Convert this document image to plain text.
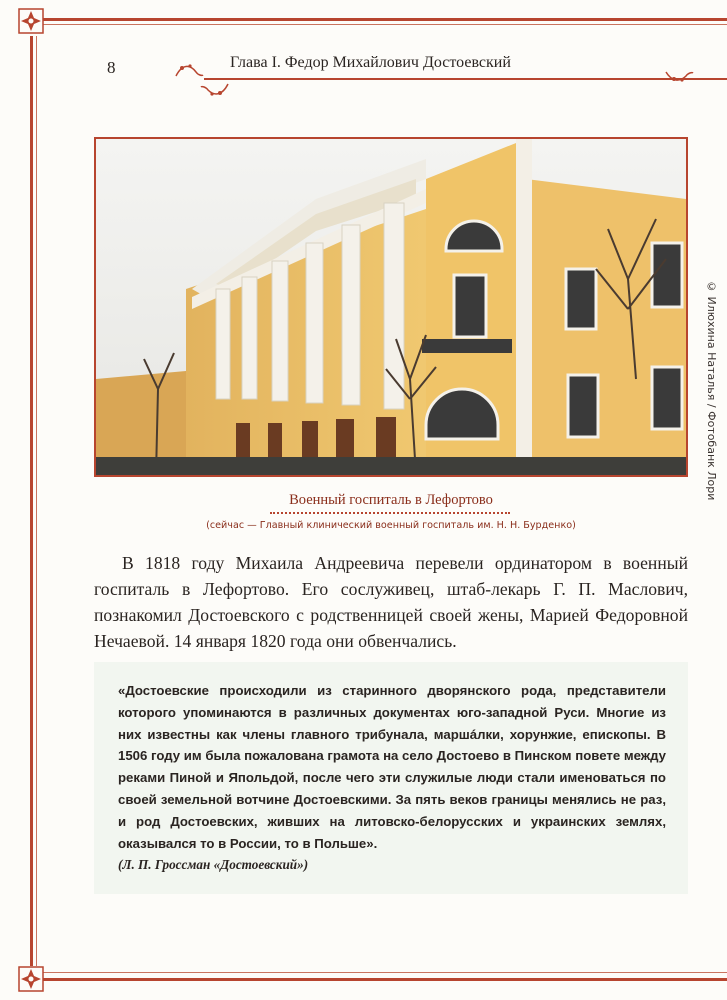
8	Глава I. Федор Михайлович Достоевский
© Илюхина Наталья / Фотобанк Лори
Военный госпиталь в Лефортово
(сейчас — Главный клинический военный госпиталь им. Н. Н. Бурденко)

В 1818 году Михаила Андреевича перевели ординатором в военный госпиталь в Лефортово. Его сослуживец, штаб-лекарь Г. П. Маслович, познакомил Достоевского с родственницей своей жены, Марией Федоровной Нечаевой. 14 января 1820 года они обвенчались.

«Достоевские происходили из старинного дворянского рода, представители которого упоминаются в различных документах юго-западной Руси. Многие из них известны как члены главного трибунала, маршáлки, хорунжие, епископы. В 1506 году им была пожалована грамота на село Достоево в Пинском повете между реками Пиной и Япольдой, после чего эти служилые люди стали именоваться по своей земельной вотчине Достоевскими. За пять веков границы менялись не раз, и род Достоевских, живших на литовско-белорусских и украинских землях, оказывался то в России, то в Польше».

(Л. П. Гроссман «Достоевский»)
